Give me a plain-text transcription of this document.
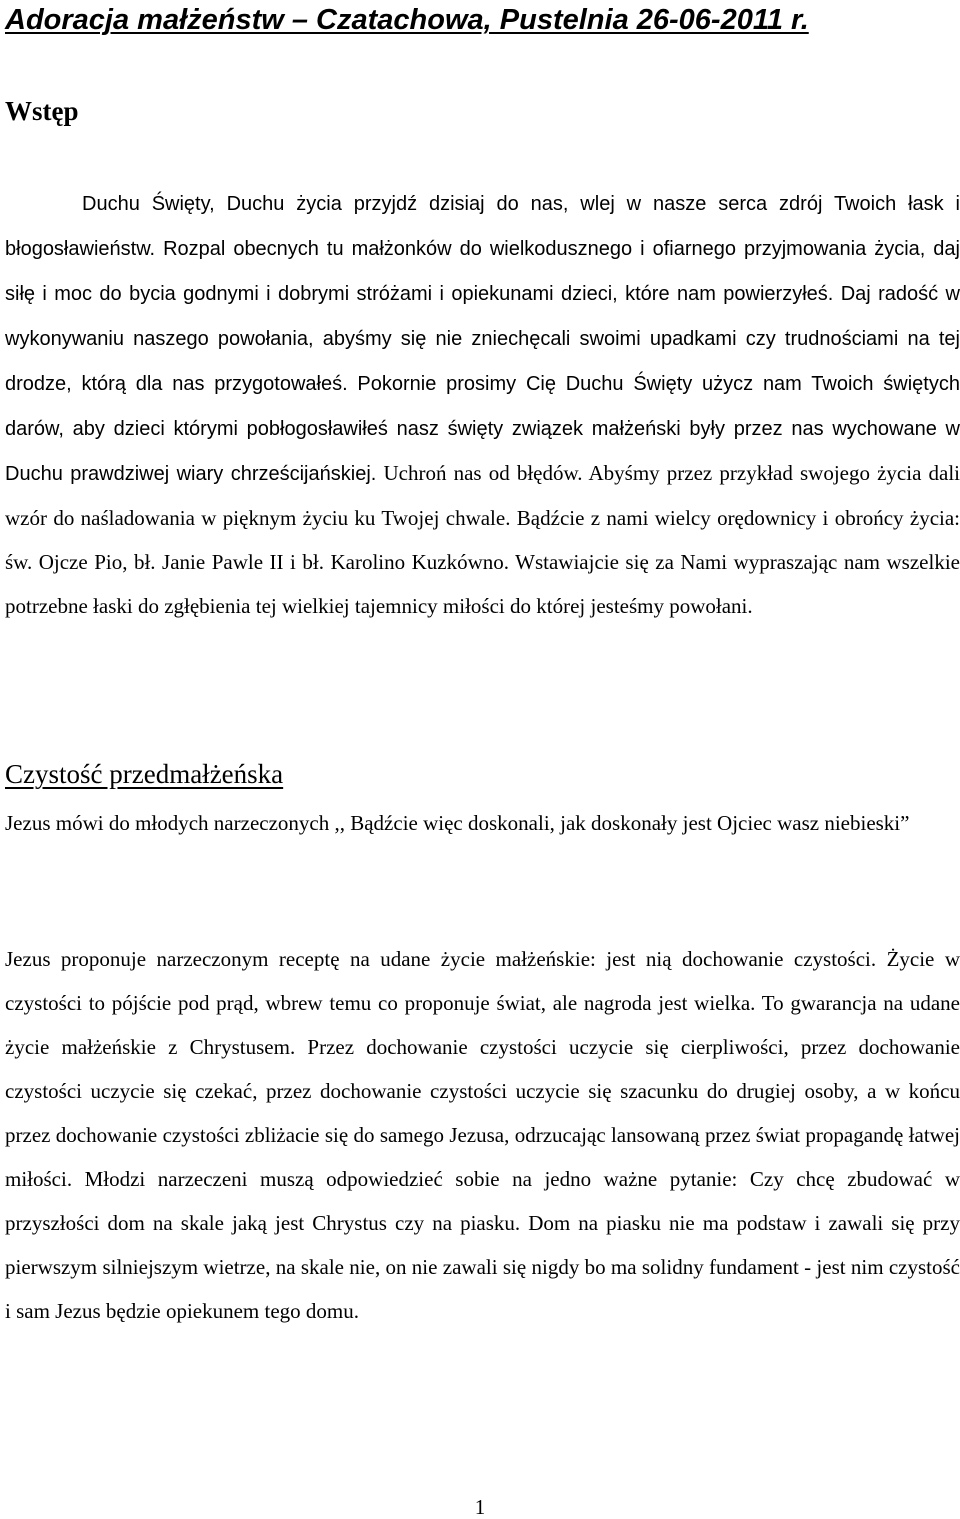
Adoracja małżeństw – Czatachowa, Pustelnia 26-06-2011 r.
Wstęp

Duchu Święty, Duchu życia przyjdź dzisiaj do nas, wlej w nasze serca zdrój Twoich łask i błogosławieństw. Rozpal obecnych tu małżonków do wielkodusznego i ofiarnego przyjmowania życia, daj siłę i moc do bycia godnymi i dobrymi stróżami i opiekunami dzieci, które nam powierzyłeś. Daj radość w wykonywaniu naszego powołania, abyśmy się nie zniechęcali swoimi upadkami czy trudnościami na tej drodze, którą dla nas przygotowałeś. Pokornie prosimy Cię Duchu Święty użycz nam Twoich świętych darów, aby dzieci którymi pobłogosławiłeś nasz święty związek małżeński były przez nas wychowane w Duchu prawdziwej wiary chrześcijańskiej. Uchroń nas od błędów. Abyśmy przez przykład swojego życia dali wzór do naśladowania w pięknym życiu ku Twojej chwale. Bądźcie z nami wielcy orędownicy i obrońcy życia: św. Ojcze Pio, bł. Janie Pawle II i bł. Karolino Kuzkówno. Wstawiajcie się za Nami wypraszając nam wszelkie potrzebne łaski do zgłębienia tej wielkiej tajemnicy miłości do której jesteśmy powołani.

Czystość przedmałżeńska

Jezus mówi do młodych narzeczonych ,, Bądźcie więc doskonali, jak doskonały jest Ojciec wasz niebieski”

Jezus proponuje narzeczonym receptę na udane życie małżeńskie: jest nią dochowanie czystości. Życie w czystości to pójście pod prąd, wbrew temu co proponuje świat, ale nagroda jest wielka. To gwarancja na udane życie małżeńskie z Chrystusem. Przez dochowanie czystości uczycie się cierpliwości, przez dochowanie czystości uczycie się czekać, przez dochowanie czystości uczycie się szacunku do drugiej osoby, a w końcu przez dochowanie czystości zbliżacie się do samego Jezusa, odrzucając lansowaną przez świat propagandę łatwej miłości. Młodzi narzeczeni muszą odpowiedzieć sobie na jedno ważne pytanie: Czy chcę zbudować w przyszłości dom na skale jaką jest Chrystus czy na piasku. Dom na piasku nie ma podstaw i zawali się przy pierwszym silniejszym wietrze, na skale nie, on nie zawali się nigdy bo ma solidny fundament - jest nim czystość i sam Jezus będzie opiekunem tego domu.

1
